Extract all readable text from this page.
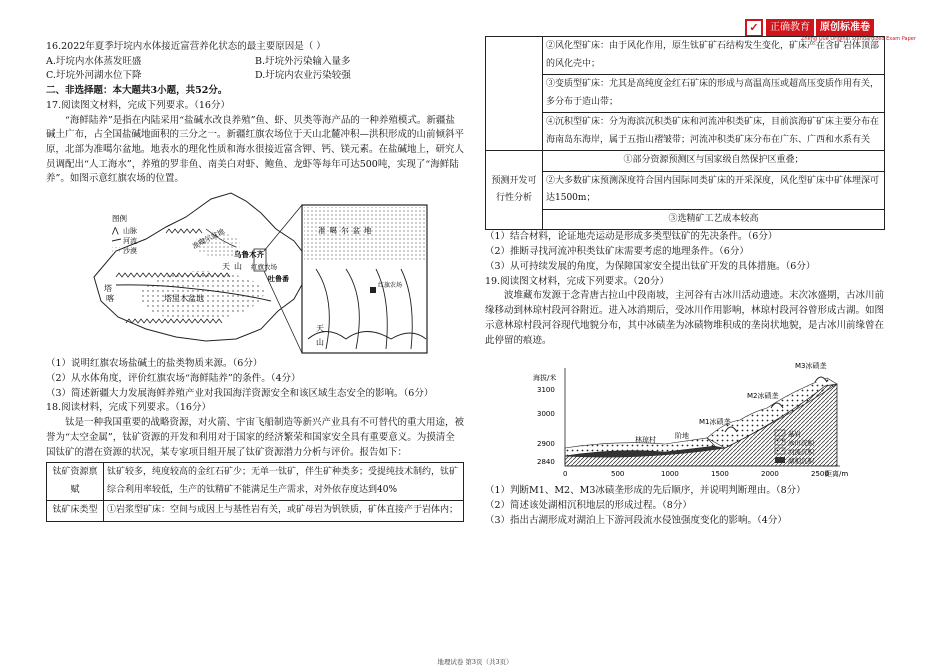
✓	正确教育	原创标准卷
Zheng Que Original Standardized Exam Paper

16.2022年夏季圩垸内水体接近富营养化状态的最主要原因是（ ）

A.圩垸内水体蒸发旺盛	B.圩垸外污染输入量多

C.圩垸外河湖水位下降	D.圩垸内农业污染较强

二、非选择题：本大题共3小题，共52分。

17.阅读图文材料，完成下列要求。（16分）

“海鲜陆养”是指在内陆采用“盐碱水改良养殖”鱼、虾、贝类等海产品的一种养殖模式。新疆盐碱土广布，占全国盐碱地面积的三分之一。新疆红旗农场位于天山北麓冲积—洪积形成的山前倾斜平原，北部为准噶尔盆地。地表水的理化性质和海水很接近富含钾、钙、镁元素。在盐碱地上，研究人员调配出“人工海水”，养殖的罗非鱼、南美白对虾、鲍鱼、龙虾等每年可达500吨，实现了“海鲜陆养”。如图示意红旗农场的位置。

图例
⋀ 山脉
河流
沙漠
准噶尔盆地
乌鲁木齐
红旗农场
吐鲁番
塔里木盆地
塔
喀
天 山
准噶尔盆地
红旗农场
天
山

（1）说明红旗农场盐碱土的盐类物质来源。（6分）

（2）从水体角度，评价红旗农场“海鲜陆养”的条件。（4分）

（3）简述新疆大力发展海鲜养殖产业对我国海洋资源安全和该区域生态安全的影响。（6分）

18.阅读材料，完成下列要求。（16分）

钛是一种我国重要的战略资源，对火箭、宇宙飞船制造等新兴产业具有不可替代的重大用途，被誉为“太空金属”，钛矿资源的开发和利用对于国家的经济繁荣和国家安全具有重要意义。为摸清全国钛矿的潜在资源的状况，某专家项目组开展了钛矿资源潜力分析与评价。报告如下：

钛矿资源禀赋	钛矿较多，纯度较高的金红石矿少；无单一钛矿，伴生矿种类多；受提纯技术制约，钛矿综合利用率较低，生产的钛精矿不能满足生产需求，对外依存度达到40%
钛矿床类型	①岩浆型矿床：空间与成因上与基性岩有关，或矿母岩为钒铁质，矿体直接产于岩体内；
	②风化型矿床：由于风化作用，原生钛矿矿石结构发生变化，矿床产在含矿岩体顶部的风化壳中；
	③变质型矿床：尤其是高纯度金红石矿床的形成与高温高压或超高压变质作用有关，多分布于造山带；
	④沉积型矿床：分为海滨沉积类矿床和河流冲积类矿床，目前滨海矿矿床主要分布在海南岛东海岸，属于五指山褶皱带；河流冲积类矿床分布在广东、广西和水系有关
预测开发可行性分析	①部分资源预测区与国家级自然保护区重叠；
	②大多数矿床预测深度符合国内国际同类矿床的开采深度，风化型矿床中矿体埋深可达1500m；
	③选精矿工艺成本较高

（1）结合材料，论证地壳运动是形成多类型钛矿的先决条件。（6分）

（2）推断寻找河流冲积类钛矿床需要考虑的地理条件。（6分）

（3）从可持续发展的角度，为保障国家安全提出钛矿开发的具体措施。（6分）

19.阅读图文材料，完成下列要求。（20分）

波堆藏布发源于念青唐古拉山中段南坡，主河谷有古冰川活动遗迹。末次冰盛期，古冰川前缘移动到林琼村段河谷附近。进入冰消期后，受冰川作用影响，林琼村段河谷曾形成古湖。如图示意林琼村段河谷现代地貌分布，其中冰碛垄为冰碛物堆积成的垄岗状地貌，是古冰川前缘曾在此停留的痕迹。

海拔/米
3100
3000
2900
2840
0	500	1000	1500	2000	2500
距离/m
M3冰碛垄
M2冰碛垄
M1冰碛垄
阶地
林琼村
基岩
冰川沉积
河流沉积
湖相沉积

（1）判断M1、M2、M3冰碛垄形成的先后顺序，并说明判断理由。（8分）

（2）简述该处湖相沉积地层的形成过程。（8分）

（3）指出古湖形成对湖泊上下游河段流水侵蚀强度变化的影响。（4分）

地理试卷 第3页（共3页）
